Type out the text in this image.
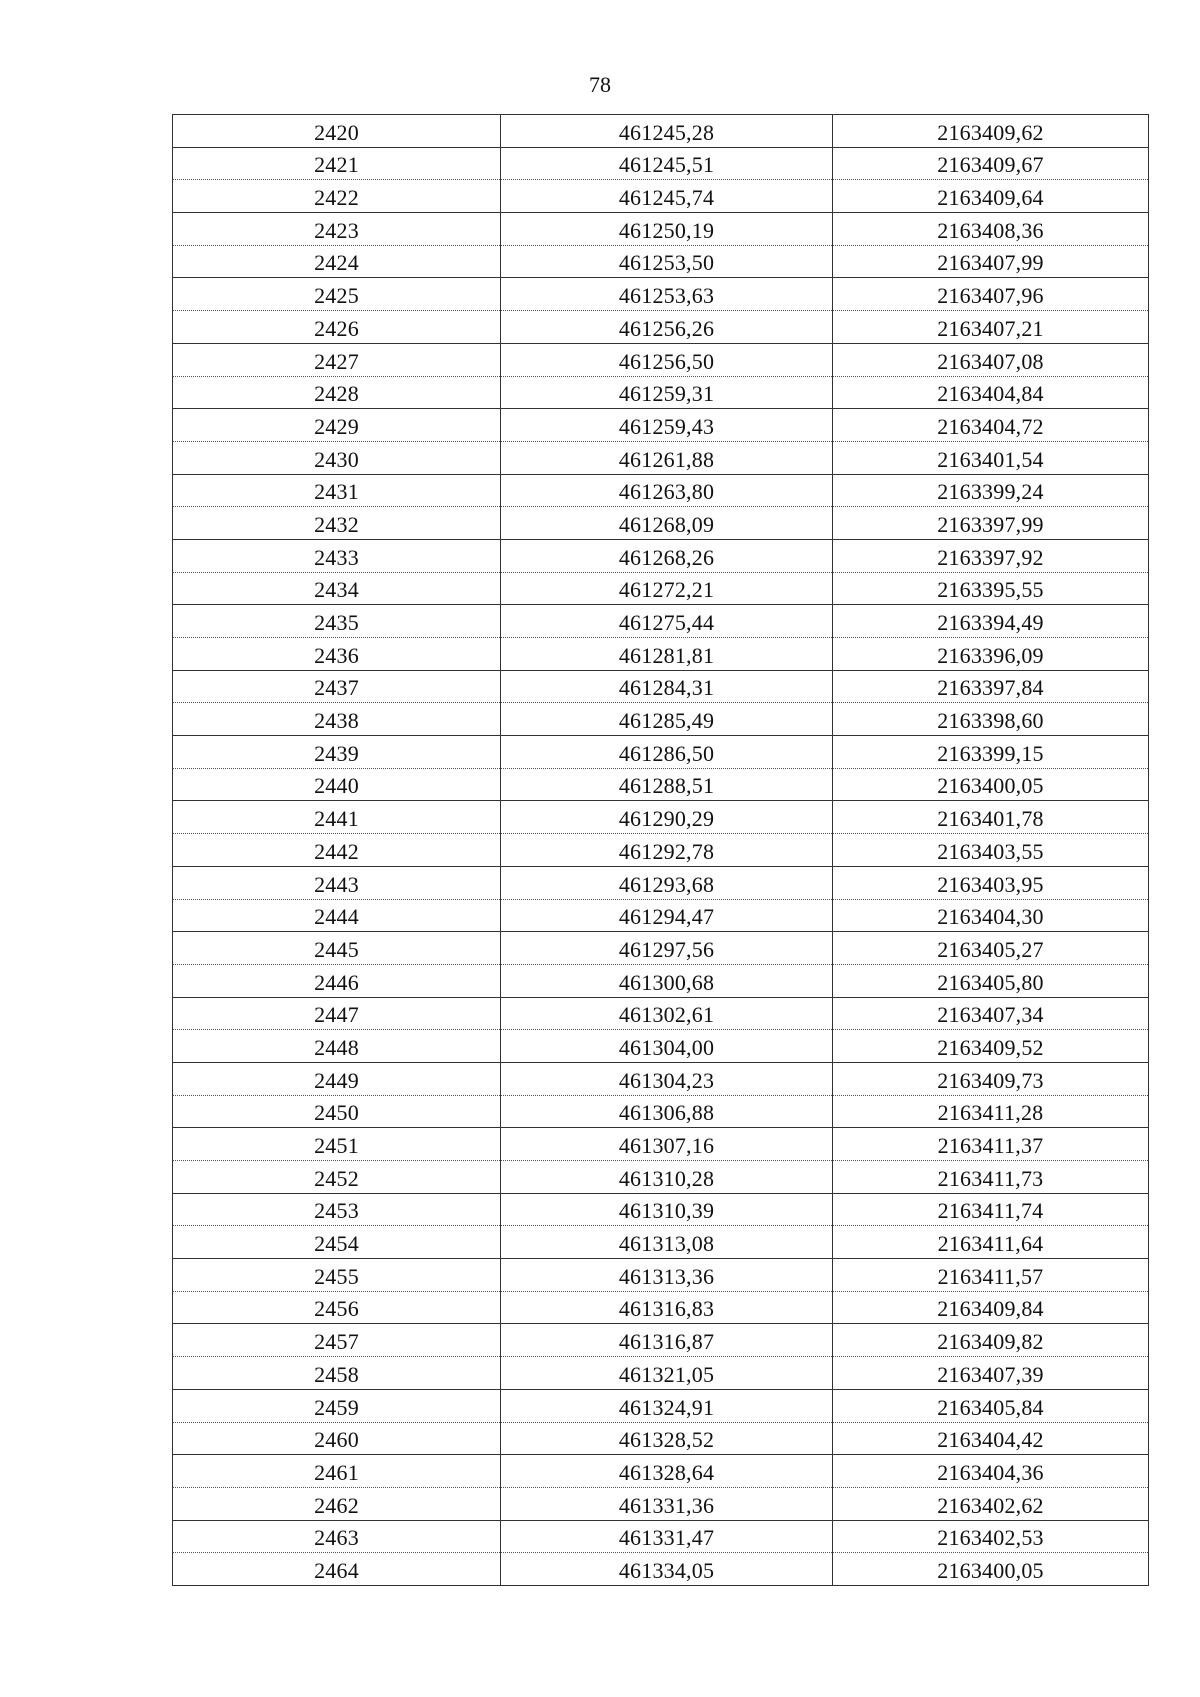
78
2420	461245,28	2163409,62
2421	461245,51	2163409,67
2422	461245,74	2163409,64
2423	461250,19	2163408,36
2424	461253,50	2163407,99
2425	461253,63	2163407,96
2426	461256,26	2163407,21
2427	461256,50	2163407,08
2428	461259,31	2163404,84
2429	461259,43	2163404,72
2430	461261,88	2163401,54
2431	461263,80	2163399,24
2432	461268,09	2163397,99
2433	461268,26	2163397,92
2434	461272,21	2163395,55
2435	461275,44	2163394,49
2436	461281,81	2163396,09
2437	461284,31	2163397,84
2438	461285,49	2163398,60
2439	461286,50	2163399,15
2440	461288,51	2163400,05
2441	461290,29	2163401,78
2442	461292,78	2163403,55
2443	461293,68	2163403,95
2444	461294,47	2163404,30
2445	461297,56	2163405,27
2446	461300,68	2163405,80
2447	461302,61	2163407,34
2448	461304,00	2163409,52
2449	461304,23	2163409,73
2450	461306,88	2163411,28
2451	461307,16	2163411,37
2452	461310,28	2163411,73
2453	461310,39	2163411,74
2454	461313,08	2163411,64
2455	461313,36	2163411,57
2456	461316,83	2163409,84
2457	461316,87	2163409,82
2458	461321,05	2163407,39
2459	461324,91	2163405,84
2460	461328,52	2163404,42
2461	461328,64	2163404,36
2462	461331,36	2163402,62
2463	461331,47	2163402,53
2464	461334,05	2163400,05
